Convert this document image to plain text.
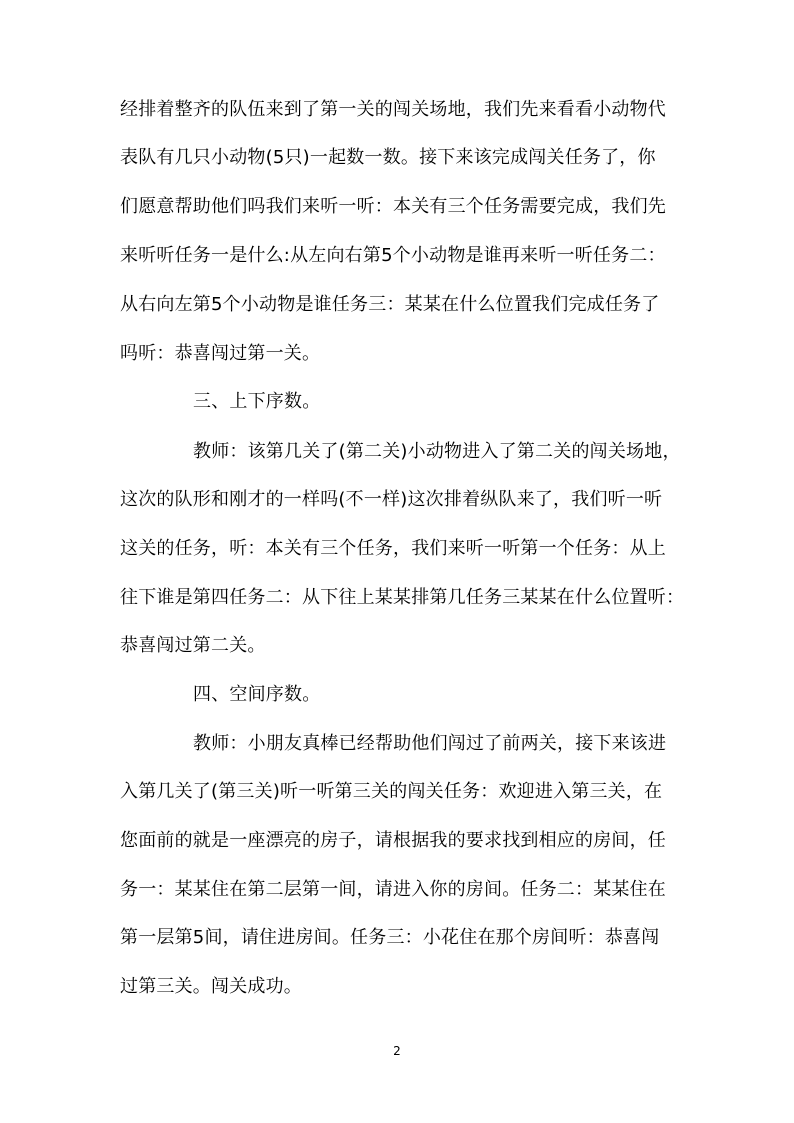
经排着整齐的队伍来到了第一关的闯关场地，我们先来看看小动物代
表队有几只小动物(5只)一起数一数。接下来该完成闯关任务了，你
们愿意帮助他们吗我们来听一听：本关有三个任务需要完成，我们先
来听听任务一是什么:从左向右第5个小动物是谁再来听一听任务二：
从右向左第5个小动物是谁任务三：某某在什么位置我们完成任务了
吗听：恭喜闯过第一关。
三、上下序数。
教师：该第几关了(第二关)小动物进入了第二关的闯关场地，
这次的队形和刚才的一样吗(不一样)这次排着纵队来了，我们听一听
这关的任务，听：本关有三个任务，我们来听一听第一个任务：从上
往下谁是第四任务二：从下往上某某排第几任务三某某在什么位置听：
恭喜闯过第二关。
四、空间序数。
教师：小朋友真棒已经帮助他们闯过了前两关，接下来该进
入第几关了(第三关)听一听第三关的闯关任务：欢迎进入第三关，在
您面前的就是一座漂亮的房子，请根据我的要求找到相应的房间，任
务一：某某住在第二层第一间，请进入你的房间。任务二：某某住在
第一层第5间，请住进房间。任务三：小花住在那个房间听：恭喜闯
过第三关。闯关成功。
2
